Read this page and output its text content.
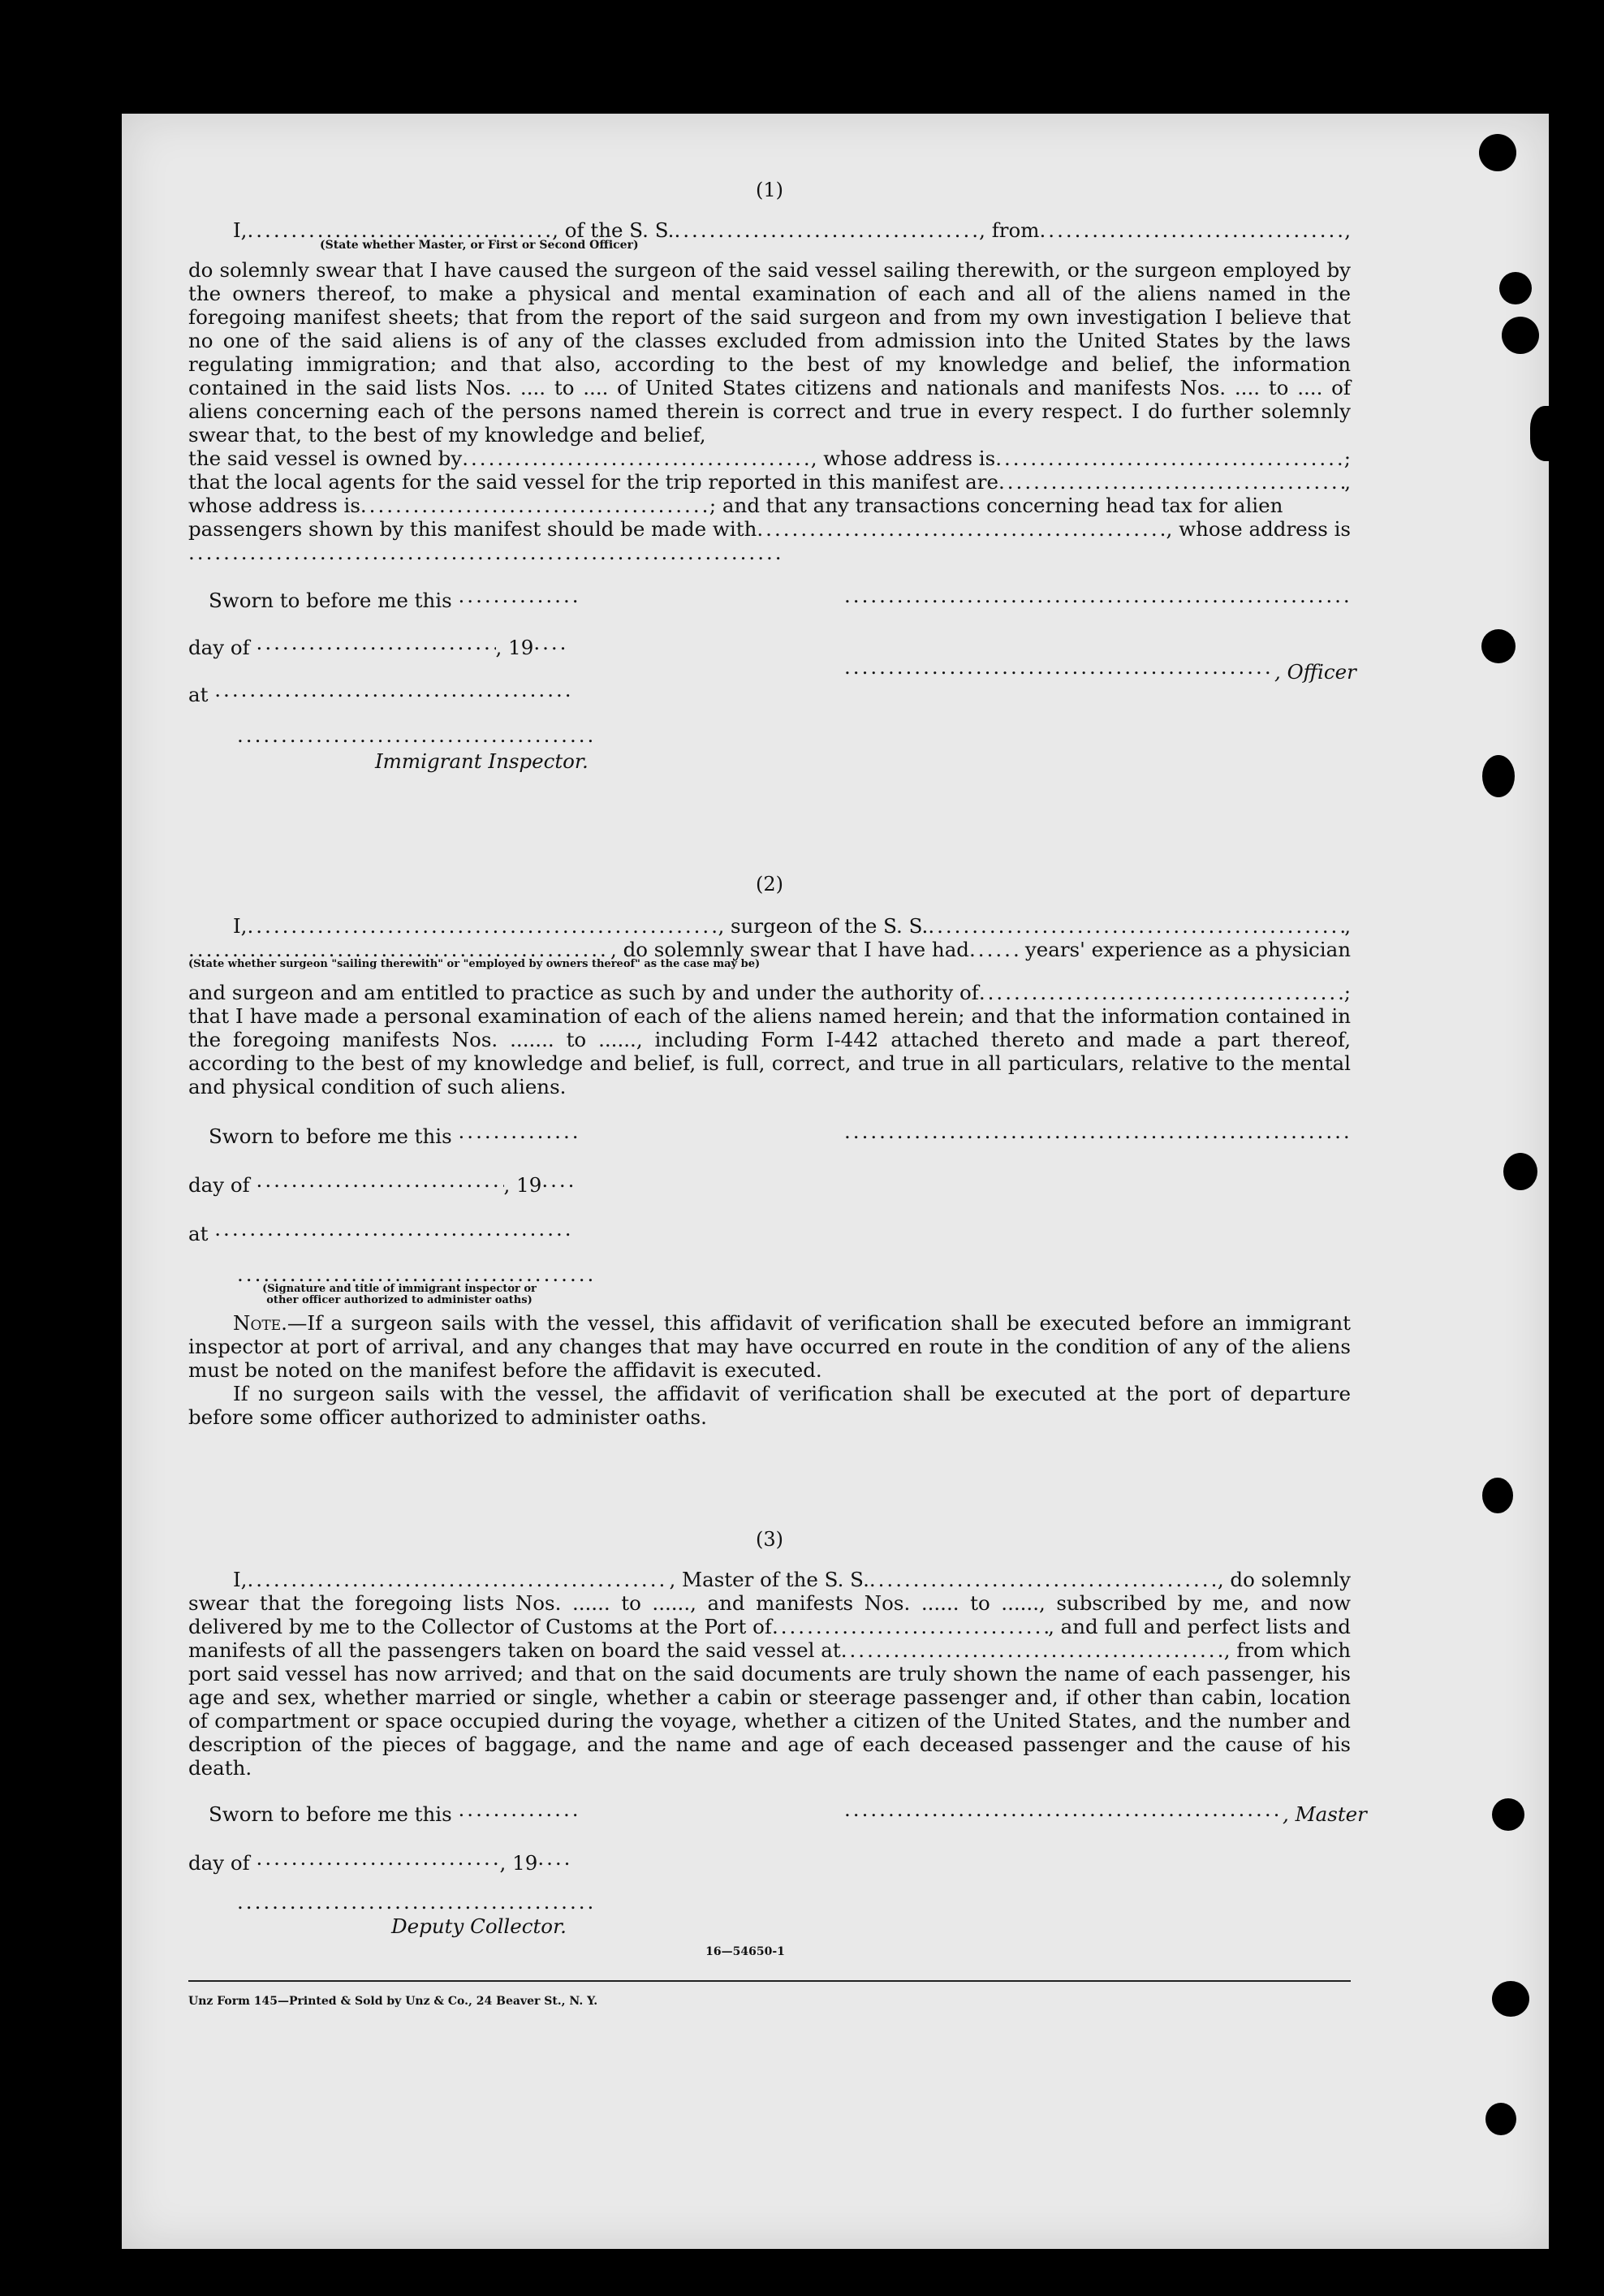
(1)

I, .....	, of the S. S. .....	, from .....	,
(State whether Master, or First or Second Officer)

do solemnly swear that I have caused the surgeon of the said vessel sailing therewith, or the surgeon employed by the owners thereof, to make a physical and mental examination of each and all of the aliens named in the foregoing manifest sheets; that from the report of the said surgeon and from my own investigation I believe that no one of the said aliens is of any of the classes excluded from admission into the United States by the laws regulating immigration; and that also, according to the best of my knowledge and belief, the information contained in the said lists Nos. .... to .... of United States citizens and nationals and manifests Nos. .... to .... of aliens concerning each of the persons named therein is correct and true in every respect. I do further solemnly swear that, to the best of my knowledge and belief,

the said vessel is owned by .....	, whose address is .....	;
that the local agents for the said vessel for the trip reported in this manifest are .....	,
whose address is .....	; and that any transactions concerning head tax for alien
passengers shown by this manifest should be made with .....	, whose address is
.....
Sworn to before me this .....
.....
day of .....	, 19.....
....., Officer
at .....
.....
Immigrant Inspector.

(2)

I, .....	, surgeon of the S. S. .....	,
.....
, do solemnly swear that I have had .....	years' experience as a physician
(State whether surgeon "sailing therewith" or "employed by owners thereof" as the case may be)
and surgeon and am entitled to practice as such by and under the authority of .....	;

that I have made a personal examination of each of the aliens named herein; and that the information contained in the foregoing manifests Nos. ....... to ......, including Form I-442 attached thereto and made a part thereof, according to the best of my knowledge and belief, is full, correct, and true in all particulars, relative to the mental and physical condition of such aliens.

Sworn to before me this .....
.....
day of .....	, 19.....
at .....
.....
(Signature and title of immigrant inspector or other officer authorized to administer oaths)

Note.—If a surgeon sails with the vessel, this affidavit of verification shall be executed before an immigrant inspector at port of arrival, and any changes that may have occurred en route in the condition of any of the aliens must be noted on the manifest before the affidavit is executed.

If no surgeon sails with the vessel, the affidavit of verification shall be executed at the port of departure before some officer authorized to administer oaths.

(3)

I, .....	, Master of the S. S. .....	, do solemnly

swear that the foregoing lists Nos. ...... to ......, and manifests Nos. ...... to ......, subscribed by me, and now

delivered by me to the Collector of Customs at the Port of .....	, and full and perfect lists and
manifests of all the passengers taken on board the said vessel at .....	, from which

port said vessel has now arrived; and that on the said documents are truly shown the name of each passenger, his age and sex, whether married or single, whether a cabin or steerage passenger and, if other than cabin, location of compartment or space occupied during the voyage, whether a citizen of the United States, and the number and description of the pieces of baggage, and the name and age of each deceased passenger and the cause of his death.

Sworn to before me this ..... .....	, Master
day of .....	, 19.....
.....
Deputy Collector.
16—54650-1
Unz Form 145—Printed & Sold by Unz & Co., 24 Beaver St., N. Y.
